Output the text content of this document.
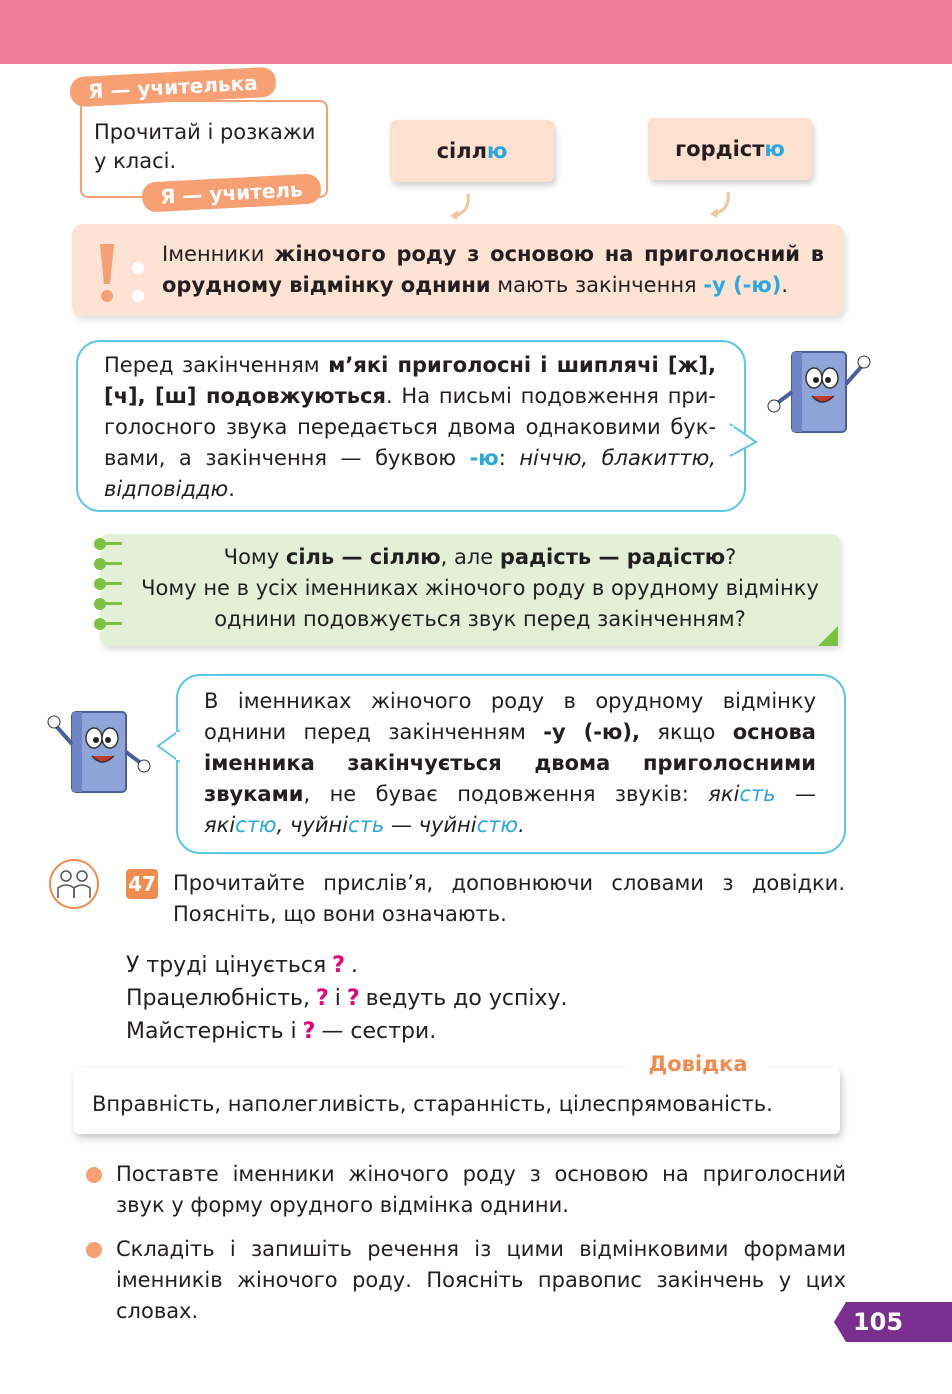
Прочитай і розкажи
у класі.
Я — учителька
Я — учитель
сіллю	гордістю
Іменники жіночого роду з основою на приголосний в орудному відмінку однини мають закінчення -у (-ю).
Перед закінченням м’які приголосні і шиплячі [ж], [ч], [ш] подовжуються. На письмі подовження приголосного звука передається двома однаковими буквами, а закінчення — буквою -ю: ніччю, блакиттю, відповіддю.
Чому сіль — сіллю, але радість — радістю?
Чому не в усіх іменниках жіночого роду в орудному відмінку однини подовжується звук перед закінченням?
В іменниках жіночого роду в орудному відмінку однини перед закінченням -у (-ю), якщо основа іменника закінчується двома приголосними звуками, не буває подовження звуків: якість — якістю, чуйність — чуйністю.
47 Прочитайте прислів’я, доповнюючи словами з довідки. Поясніть, що вони означають.
У труді цінується ? .
Працелюбність, ? і ? ведуть до успіху.
Майстерність і ? — сестри.
Довідка
Вправність, наполегливість, старанність, цілеспрямованість.
Поставте іменники жіночого роду з основою на приголосний звук у форму орудного відмінка однини.
Складіть і запишіть речення із цими відмінковими формами іменників жіночого роду. Поясніть правопис закінчень у цих словах.	105
